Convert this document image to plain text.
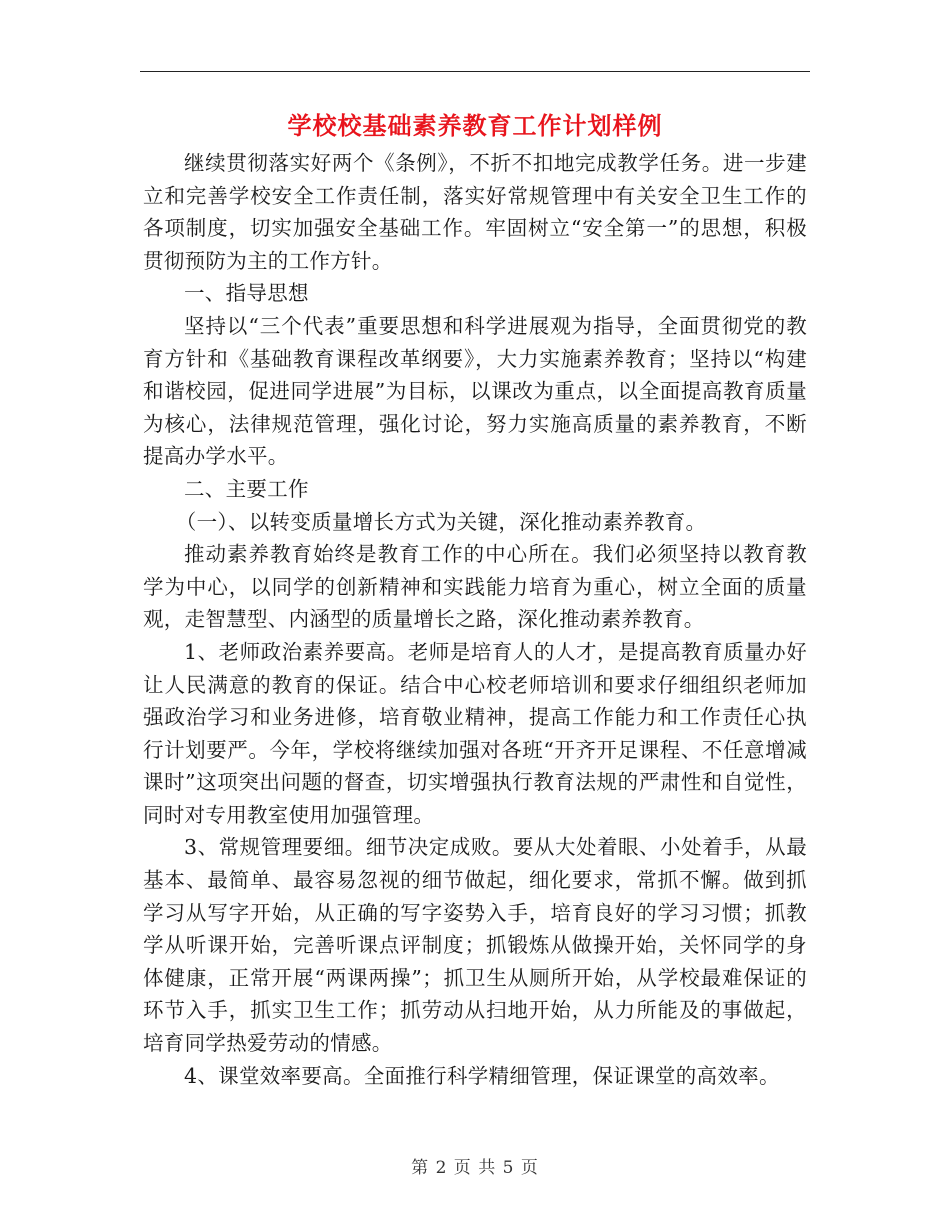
学校校基础素养教育工作计划样例

继续贯彻落实好两个《条例》，不折不扣地完成教学任务。进一步建立和完善学校安全工作责任制，落实好常规管理中有关安全卫生工作的各项制度，切实加强安全基础工作。牢固树立“安全第一”的思想，积极贯彻预防为主的工作方针。

一、指导思想

坚持以“三个代表”重要思想和科学进展观为指导，全面贯彻党的教育方针和《基础教育课程改革纲要》，大力实施素养教育；坚持以“构建和谐校园，促进同学进展”为目标，以课改为重点，以全面提高教育质量为核心，法律规范管理，强化讨论，努力实施高质量的素养教育，不断提高办学水平。

二、主要工作

（一）、以转变质量增长方式为关键，深化推动素养教育。

推动素养教育始终是教育工作的中心所在。我们必须坚持以教育教学为中心，以同学的创新精神和实践能力培育为重心，树立全面的质量观，走智慧型、内涵型的质量增长之路，深化推动素养教育。

1、老师政治素养要高。老师是培育人的人才，是提高教育质量办好让人民满意的教育的保证。结合中心校老师培训和要求仔细组织老师加强政治学习和业务进修，培育敬业精神，提高工作能力和工作责任心执行计划要严。今年，学校将继续加强对各班“开齐开足课程、不任意增减课时”这项突出问题的督查，切实增强执行教育法规的严肃性和自觉性，同时对专用教室使用加强管理。

3、常规管理要细。细节决定成败。要从大处着眼、小处着手，从最基本、最简单、最容易忽视的细节做起，细化要求，常抓不懈。做到抓学习从写字开始，从正确的写字姿势入手，培育良好的学习习惯；抓教学从听课开始，完善听课点评制度；抓锻炼从做操开始，关怀同学的身体健康，正常开展“两课两操”；抓卫生从厕所开始，从学校最难保证的环节入手，抓实卫生工作；抓劳动从扫地开始，从力所能及的事做起，培育同学热爱劳动的情感。

4、课堂效率要高。全面推行科学精细管理，保证课堂的高效率。

第 2 页 共 5 页
